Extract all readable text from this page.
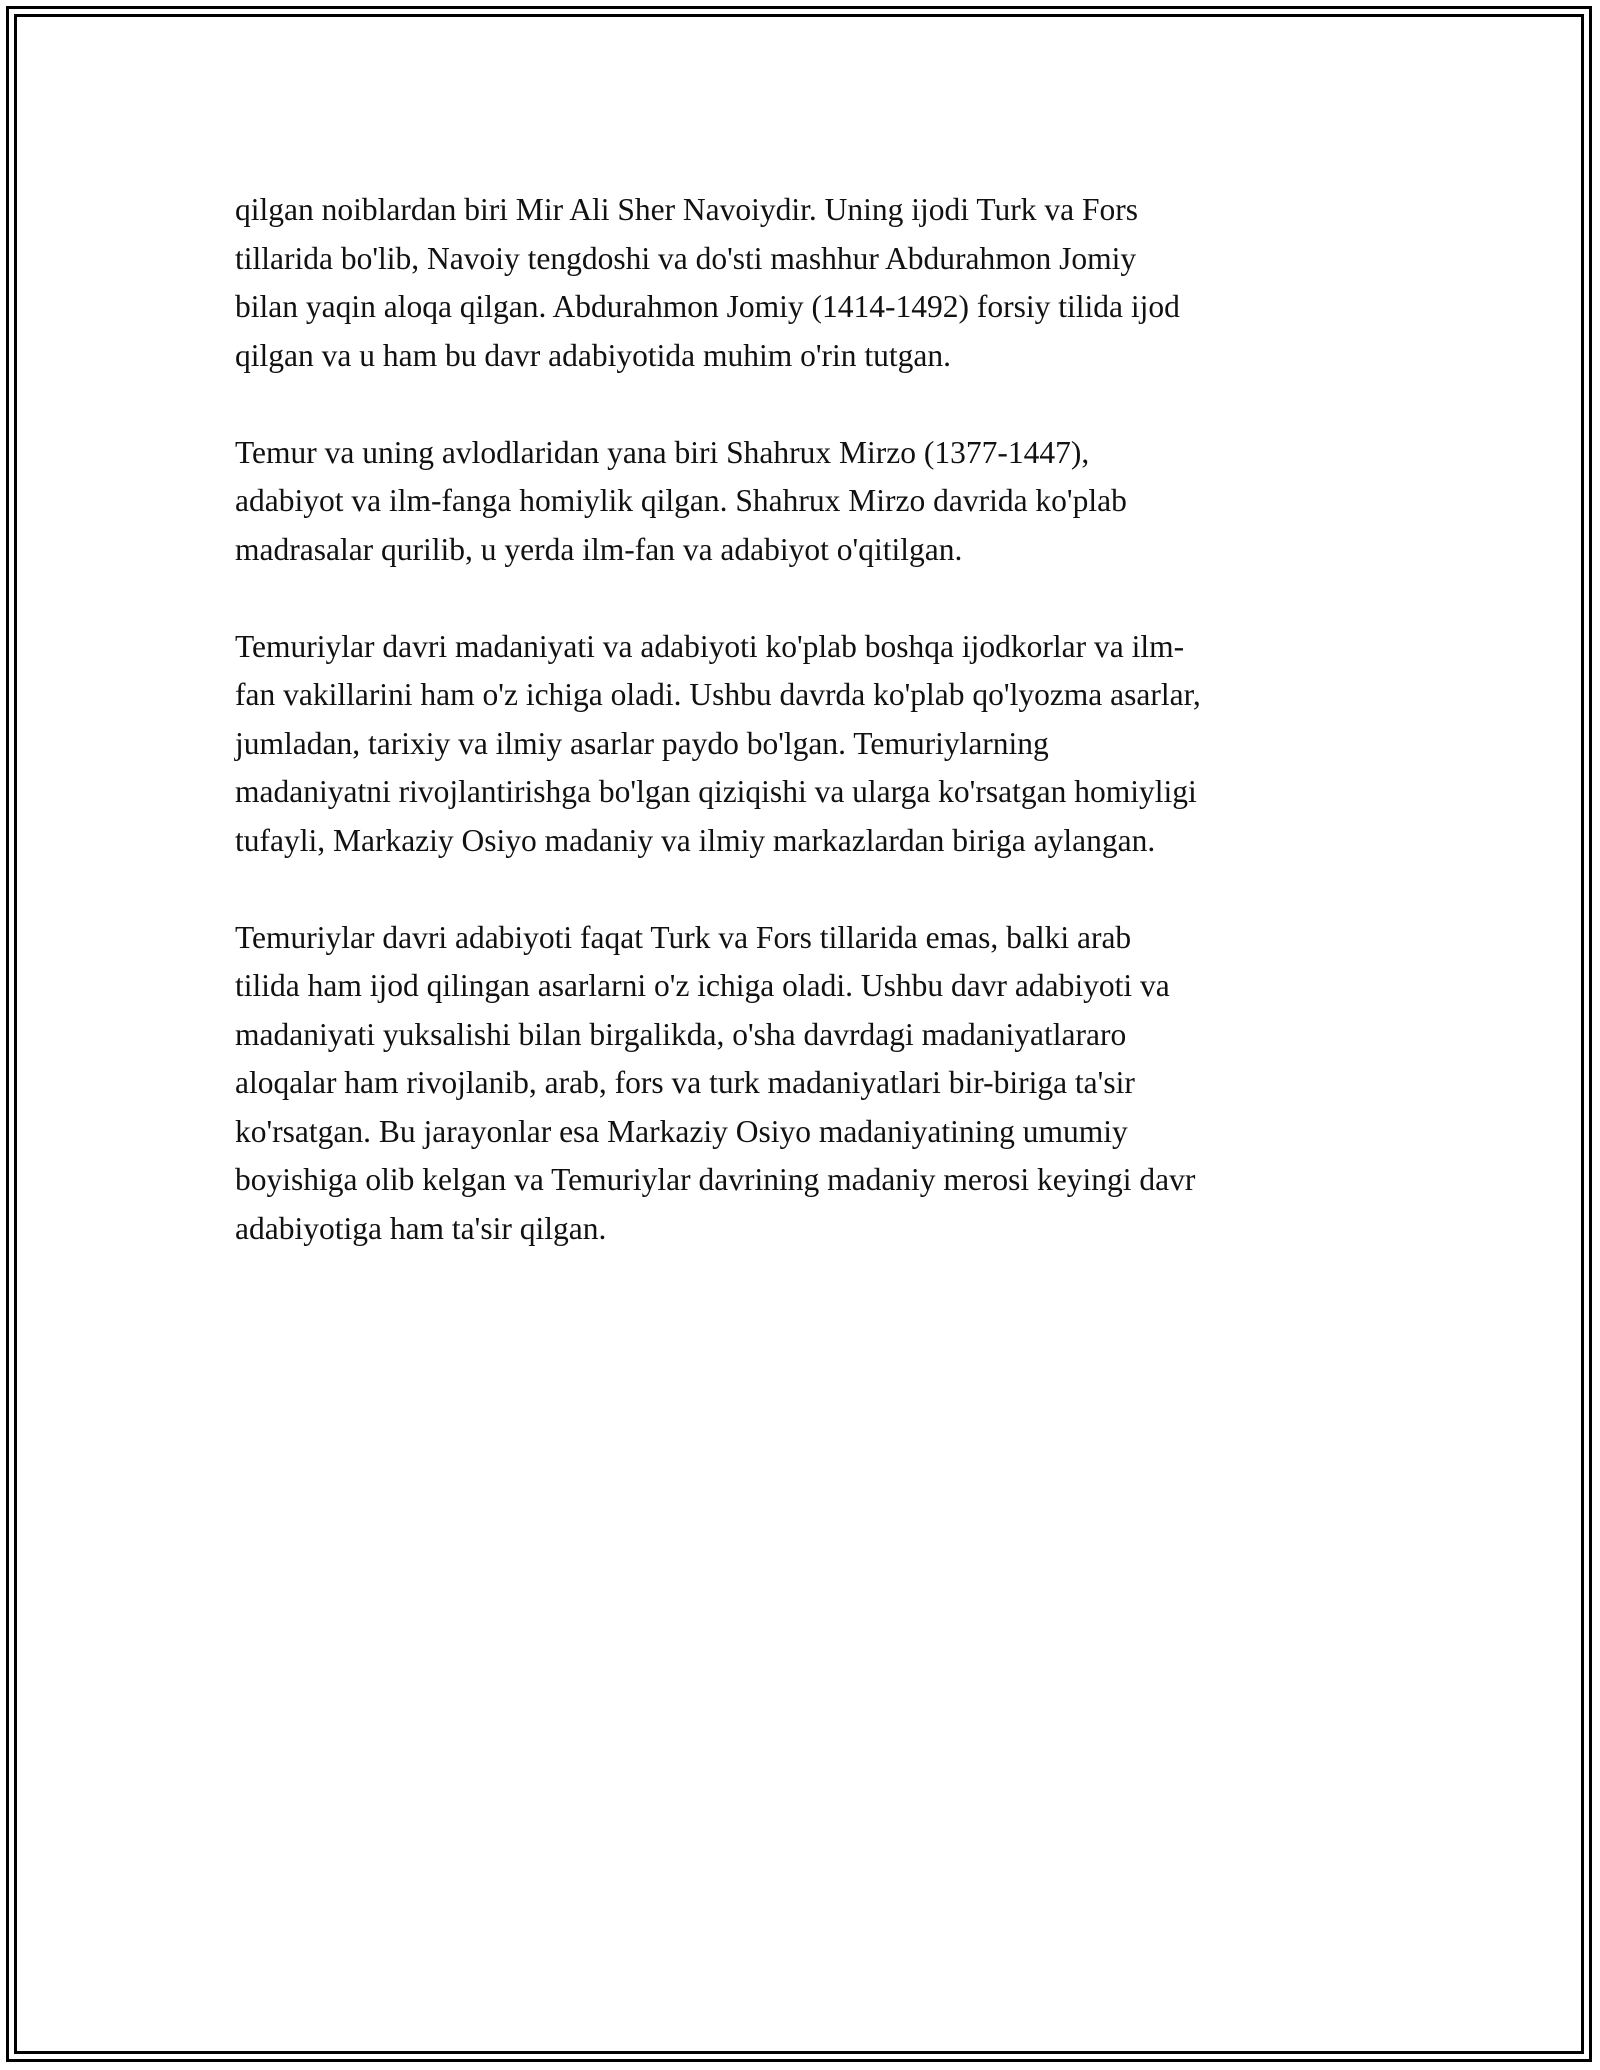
qilgan noiblardan biri Mir Ali Sher Navoiydir. Uning ijodi Turk va Fors
tillarida bo'lib, Navoiy tengdoshi va do'sti mashhur Abdurahmon Jomiy
bilan yaqin aloqa qilgan. Abdurahmon Jomiy (1414-1492) forsiy tilida ijod
qilgan va u ham bu davr adabiyotida muhim o'rin tutgan.

Temur va uning avlodlaridan yana biri Shahrux Mirzo (1377-1447),
adabiyot va ilm-fanga homiylik qilgan. Shahrux Mirzo davrida ko'plab
madrasalar qurilib, u yerda ilm-fan va adabiyot o'qitilgan.

Temuriylar davri madaniyati va adabiyoti ko'plab boshqa ijodkorlar va ilm-
fan vakillarini ham o'z ichiga oladi. Ushbu davrda ko'plab qo'lyozma asarlar,
jumladan, tarixiy va ilmiy asarlar paydo bo'lgan. Temuriylarning
madaniyatni rivojlantirishga bo'lgan qiziqishi va ularga ko'rsatgan homiyligi
tufayli, Markaziy Osiyo madaniy va ilmiy markazlardan biriga aylangan.

Temuriylar davri adabiyoti faqat Turk va Fors tillarida emas, balki arab
tilida ham ijod qilingan asarlarni o'z ichiga oladi. Ushbu davr adabiyoti va
madaniyati yuksalishi bilan birgalikda, o'sha davrdagi madaniyatlararo
aloqalar ham rivojlanib, arab, fors va turk madaniyatlari bir-biriga ta'sir
ko'rsatgan. Bu jarayonlar esa Markaziy Osiyo madaniyatining umumiy
boyishiga olib kelgan va Temuriylar davrining madaniy merosi keyingi davr
adabiyotiga ham ta'sir qilgan.
